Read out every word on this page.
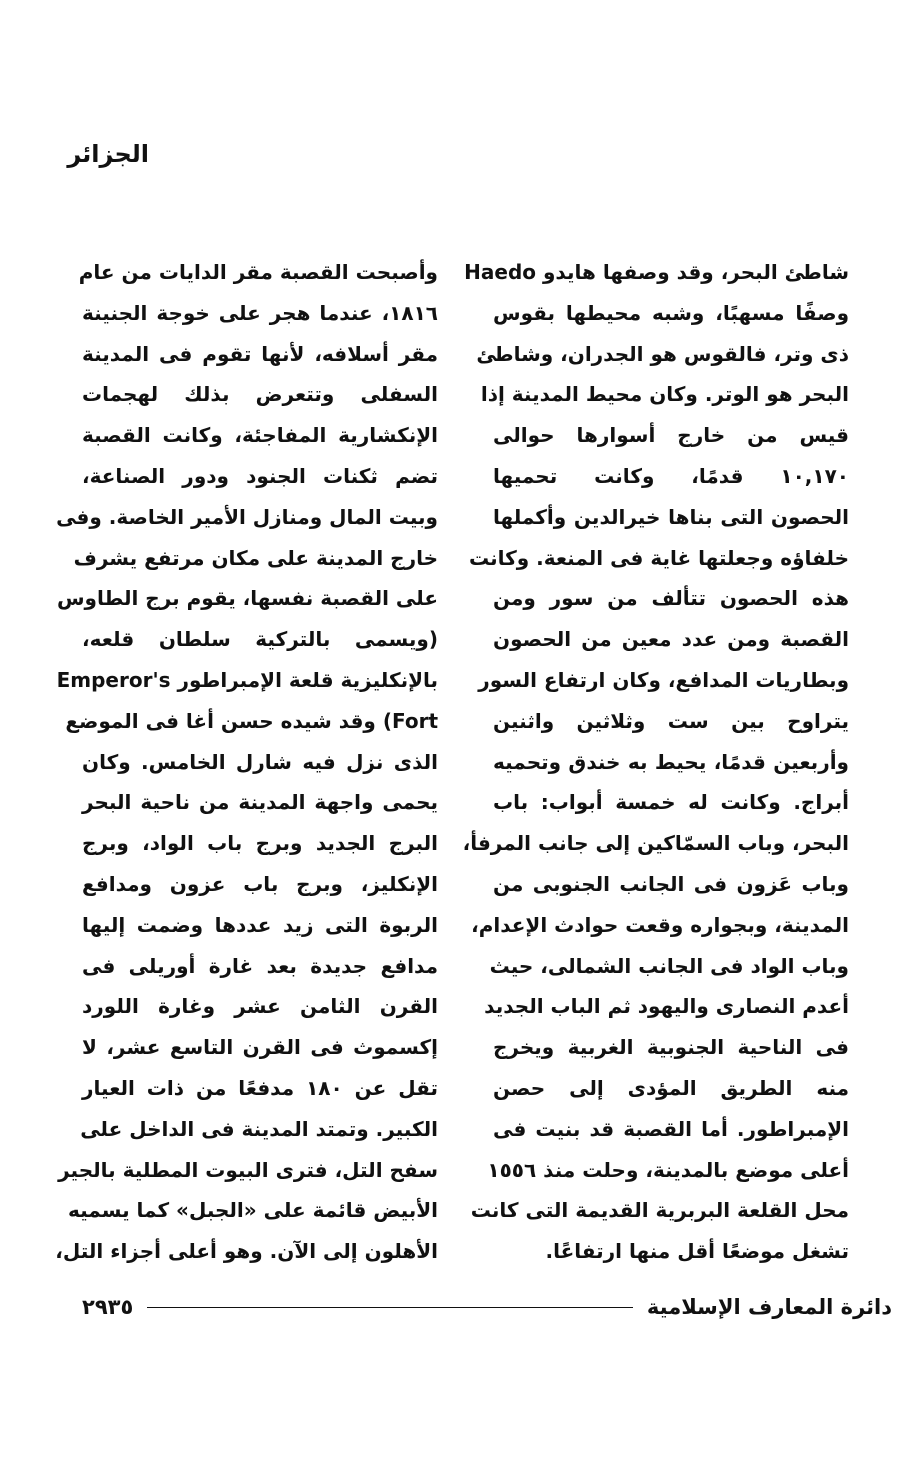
الجزائر
شاطئ البحر، وقد وصفها هايدو Haedo
وصفًا مسهبًا، وشبه محيطها بقوس
ذى وتر، فالقوس هو الجدران، وشاطئ
البحر هو الوتر. وكان محيط المدينة إذا
قيس من خارج أسوارها حوالى
١٠,١٧٠ قدمًا، وكانت تحميها
الحصون التى بناها خيرالدين وأكملها
خلفاؤه وجعلتها غاية فى المنعة. وكانت
هذه الحصون تتألف من سور ومن
القصبة ومن عدد معين من الحصون
وبطاريات المدافع، وكان ارتفاع السور
يتراوح بين ست وثلاثين واثنين
وأربعين قدمًا، يحيط به خندق وتحميه
أبراج. وكانت له خمسة أبواب: باب
البحر، وباب السمّاكين إلى جانب المرفأ،
وباب عَزون فى الجانب الجنوبى من
المدينة، وبجواره وقعت حوادث الإعدام،
وباب الواد فى الجانب الشمالى، حيث
أعدم النصارى واليهود ثم الباب الجديد
فى الناحية الجنوبية الغربية ويخرج
منه الطريق المؤدى إلى حصن
الإمبراطور. أما القصبة قد بنيت فى
أعلى موضع بالمدينة، وحلت منذ ١٥٥٦
محل القلعة البربرية القديمة التى كانت
تشغل موضعًا أقل منها ارتفاعًا.
وأصبحت القصبة مقر الدايات من عام
١٨١٦، عندما هجر على خوجة الجنينة
مقر أسلافه، لأنها تقوم فى المدينة
السفلى وتتعرض بذلك لهجمات
الإنكشارية المفاجئة، وكانت القصبة
تضم ثكنات الجنود ودور الصناعة،
وبيت المال ومنازل الأمير الخاصة. وفى
خارج المدينة على مكان مرتفع يشرف
على القصبة نفسها، يقوم برج الطاوس
(ويسمى بالتركية سلطان قلعه،
بالإنكليزية قلعة الإمبراطور Emperor's
Fort) وقد شيده حسن أغا فى الموضع
الذى نزل فيه شارل الخامس. وكان
يحمى واجهة المدينة من ناحية البحر
البرج الجديد وبرج باب الواد، وبرج
الإنكليز، وبرج باب عزون ومدافع
الربوة التى زيد عددها وضمت إليها
مدافع جديدة بعد غارة أوريلى فى
القرن الثامن عشر وغارة اللورد
إكسموث فى القرن التاسع عشر، لا
تقل عن ١٨٠ مدفعًا من ذات العيار
الكبير. وتمتد المدينة فى الداخل على
سفح التل، فترى البيوت المطلية بالجير
الأبيض قائمة على «الجبل» كما يسميه
الأهلون إلى الآن. وهو أعلى أجزاء التل،
دائرة المعارف الإسلامية
٢٩٣٥
